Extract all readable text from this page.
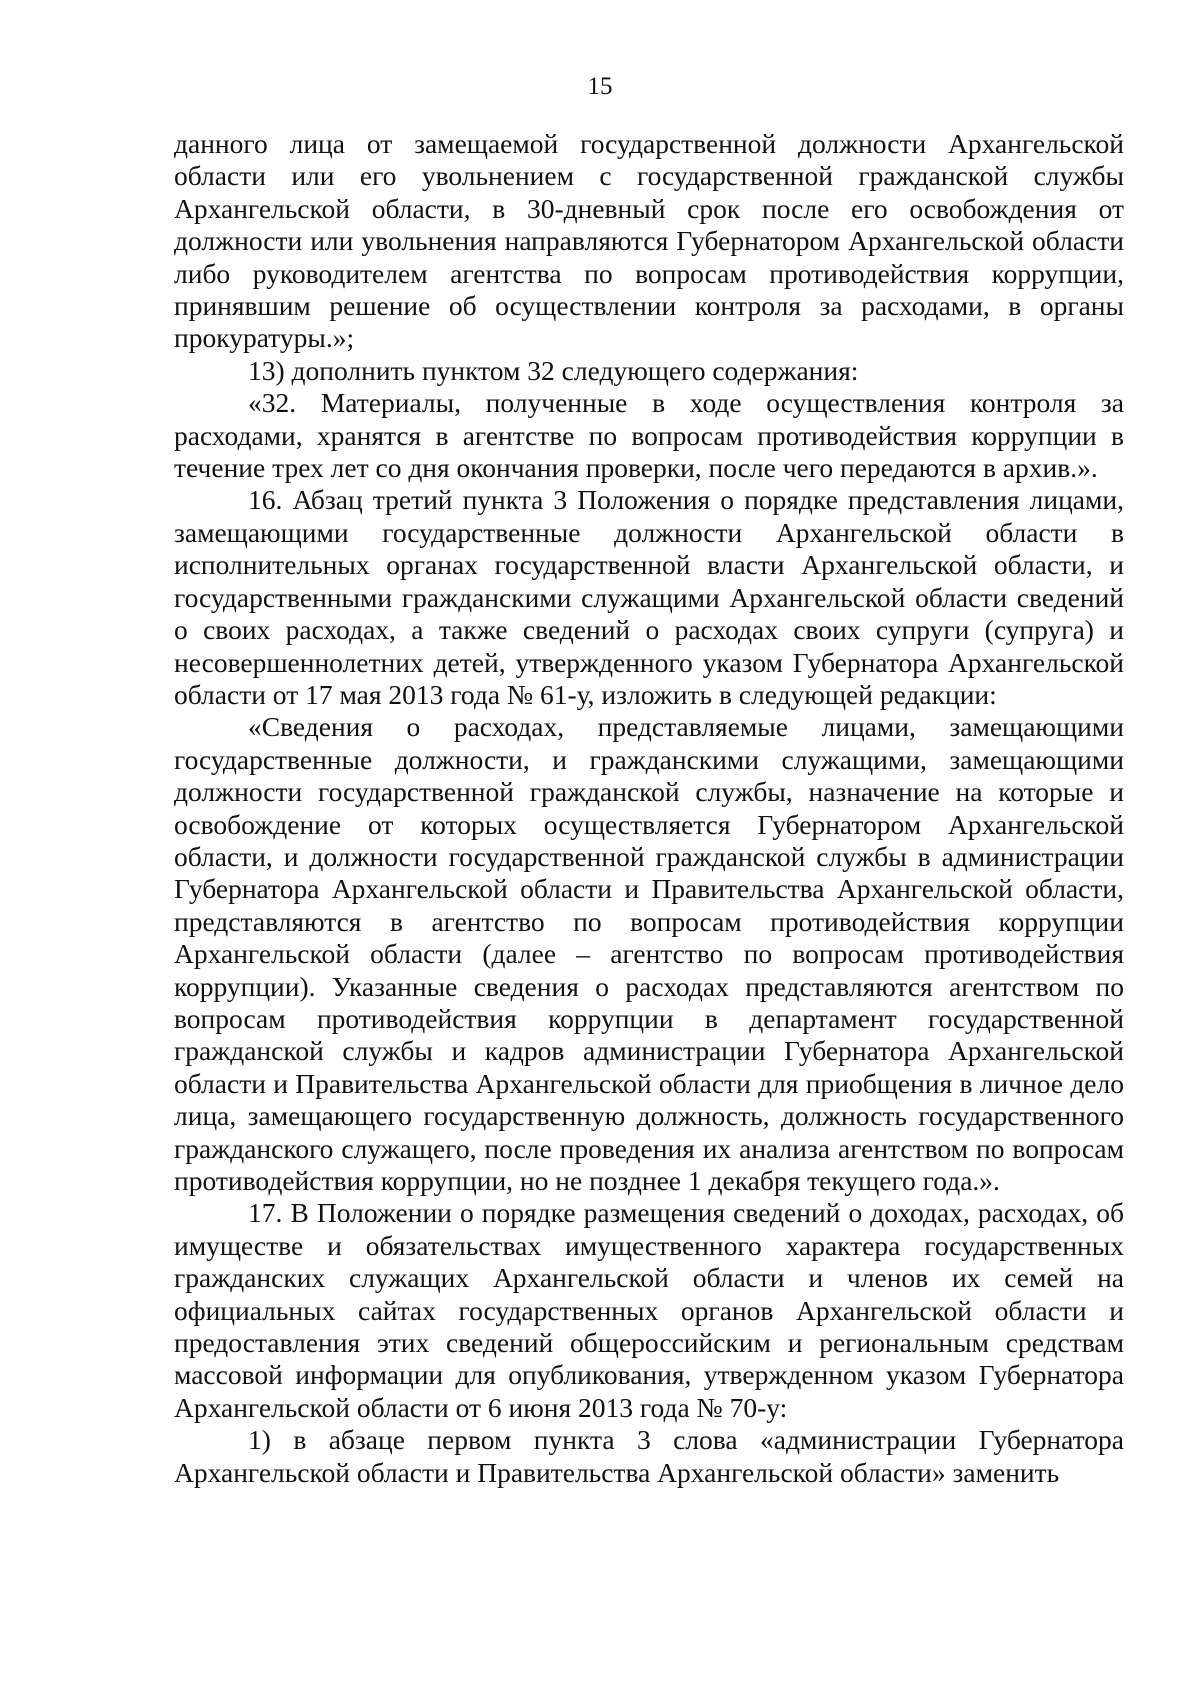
15

данного лица от замещаемой государственной должности Архангельской области или его увольнением с государственной гражданской службы Архангельской области, в 30-дневный срок после его освобождения от должности или увольнения направляются Губернатором Архангельской области либо руководителем агентства по вопросам противодействия коррупции, принявшим решение об осуществлении контроля за расходами, в органы прокуратуры.»;

13) дополнить пунктом 32 следующего содержания:

«32. Материалы, полученные в ходе осуществления контроля за расходами, хранятся в агентстве по вопросам противодействия коррупции в течение трех лет со дня окончания проверки, после чего передаются в архив.».

16. Абзац третий пункта 3 Положения о порядке представления лицами, замещающими государственные должности Архангельской области в исполнительных органах государственной власти Архангельской области, и государственными гражданскими служащими Архангельской области сведений о своих расходах, а также сведений о расходах своих супруги (супруга) и несовершеннолетних детей, утвержденного указом Губернатора Архангельской области от 17 мая 2013 года № 61-у, изложить в следующей редакции:

«Сведения о расходах, представляемые лицами, замещающими государственные должности, и гражданскими служащими, замещающими должности государственной гражданской службы, назначение на которые и освобождение от которых осуществляется Губернатором Архангельской области, и должности государственной гражданской службы в администрации Губернатора Архангельской области и Правительства Архангельской области, представляются в агентство по вопросам противодействия коррупции Архангельской области (далее – агентство по вопросам противодействия коррупции). Указанные сведения о расходах представляются агентством по вопросам противодействия коррупции в департамент государственной гражданской службы и кадров администрации Губернатора Архангельской области и Правительства Архангельской области для приобщения в личное дело лица, замещающего государственную должность, должность государственного гражданского служащего, после проведения их анализа агентством по вопросам противодействия коррупции, но не позднее 1 декабря текущего года.».

17. В Положении о порядке размещения сведений о доходах, расходах, об имуществе и обязательствах имущественного характера государственных гражданских служащих Архангельской области и членов их семей на официальных сайтах государственных органов Архангельской области и предоставления этих сведений общероссийским и региональным средствам массовой информации для опубликования, утвержденном указом Губернатора Архангельской области от 6 июня 2013 года № 70-у:

1) в абзаце первом пункта 3 слова «администрации Губернатора Архангельской области и Правительства Архангельской области» заменить
